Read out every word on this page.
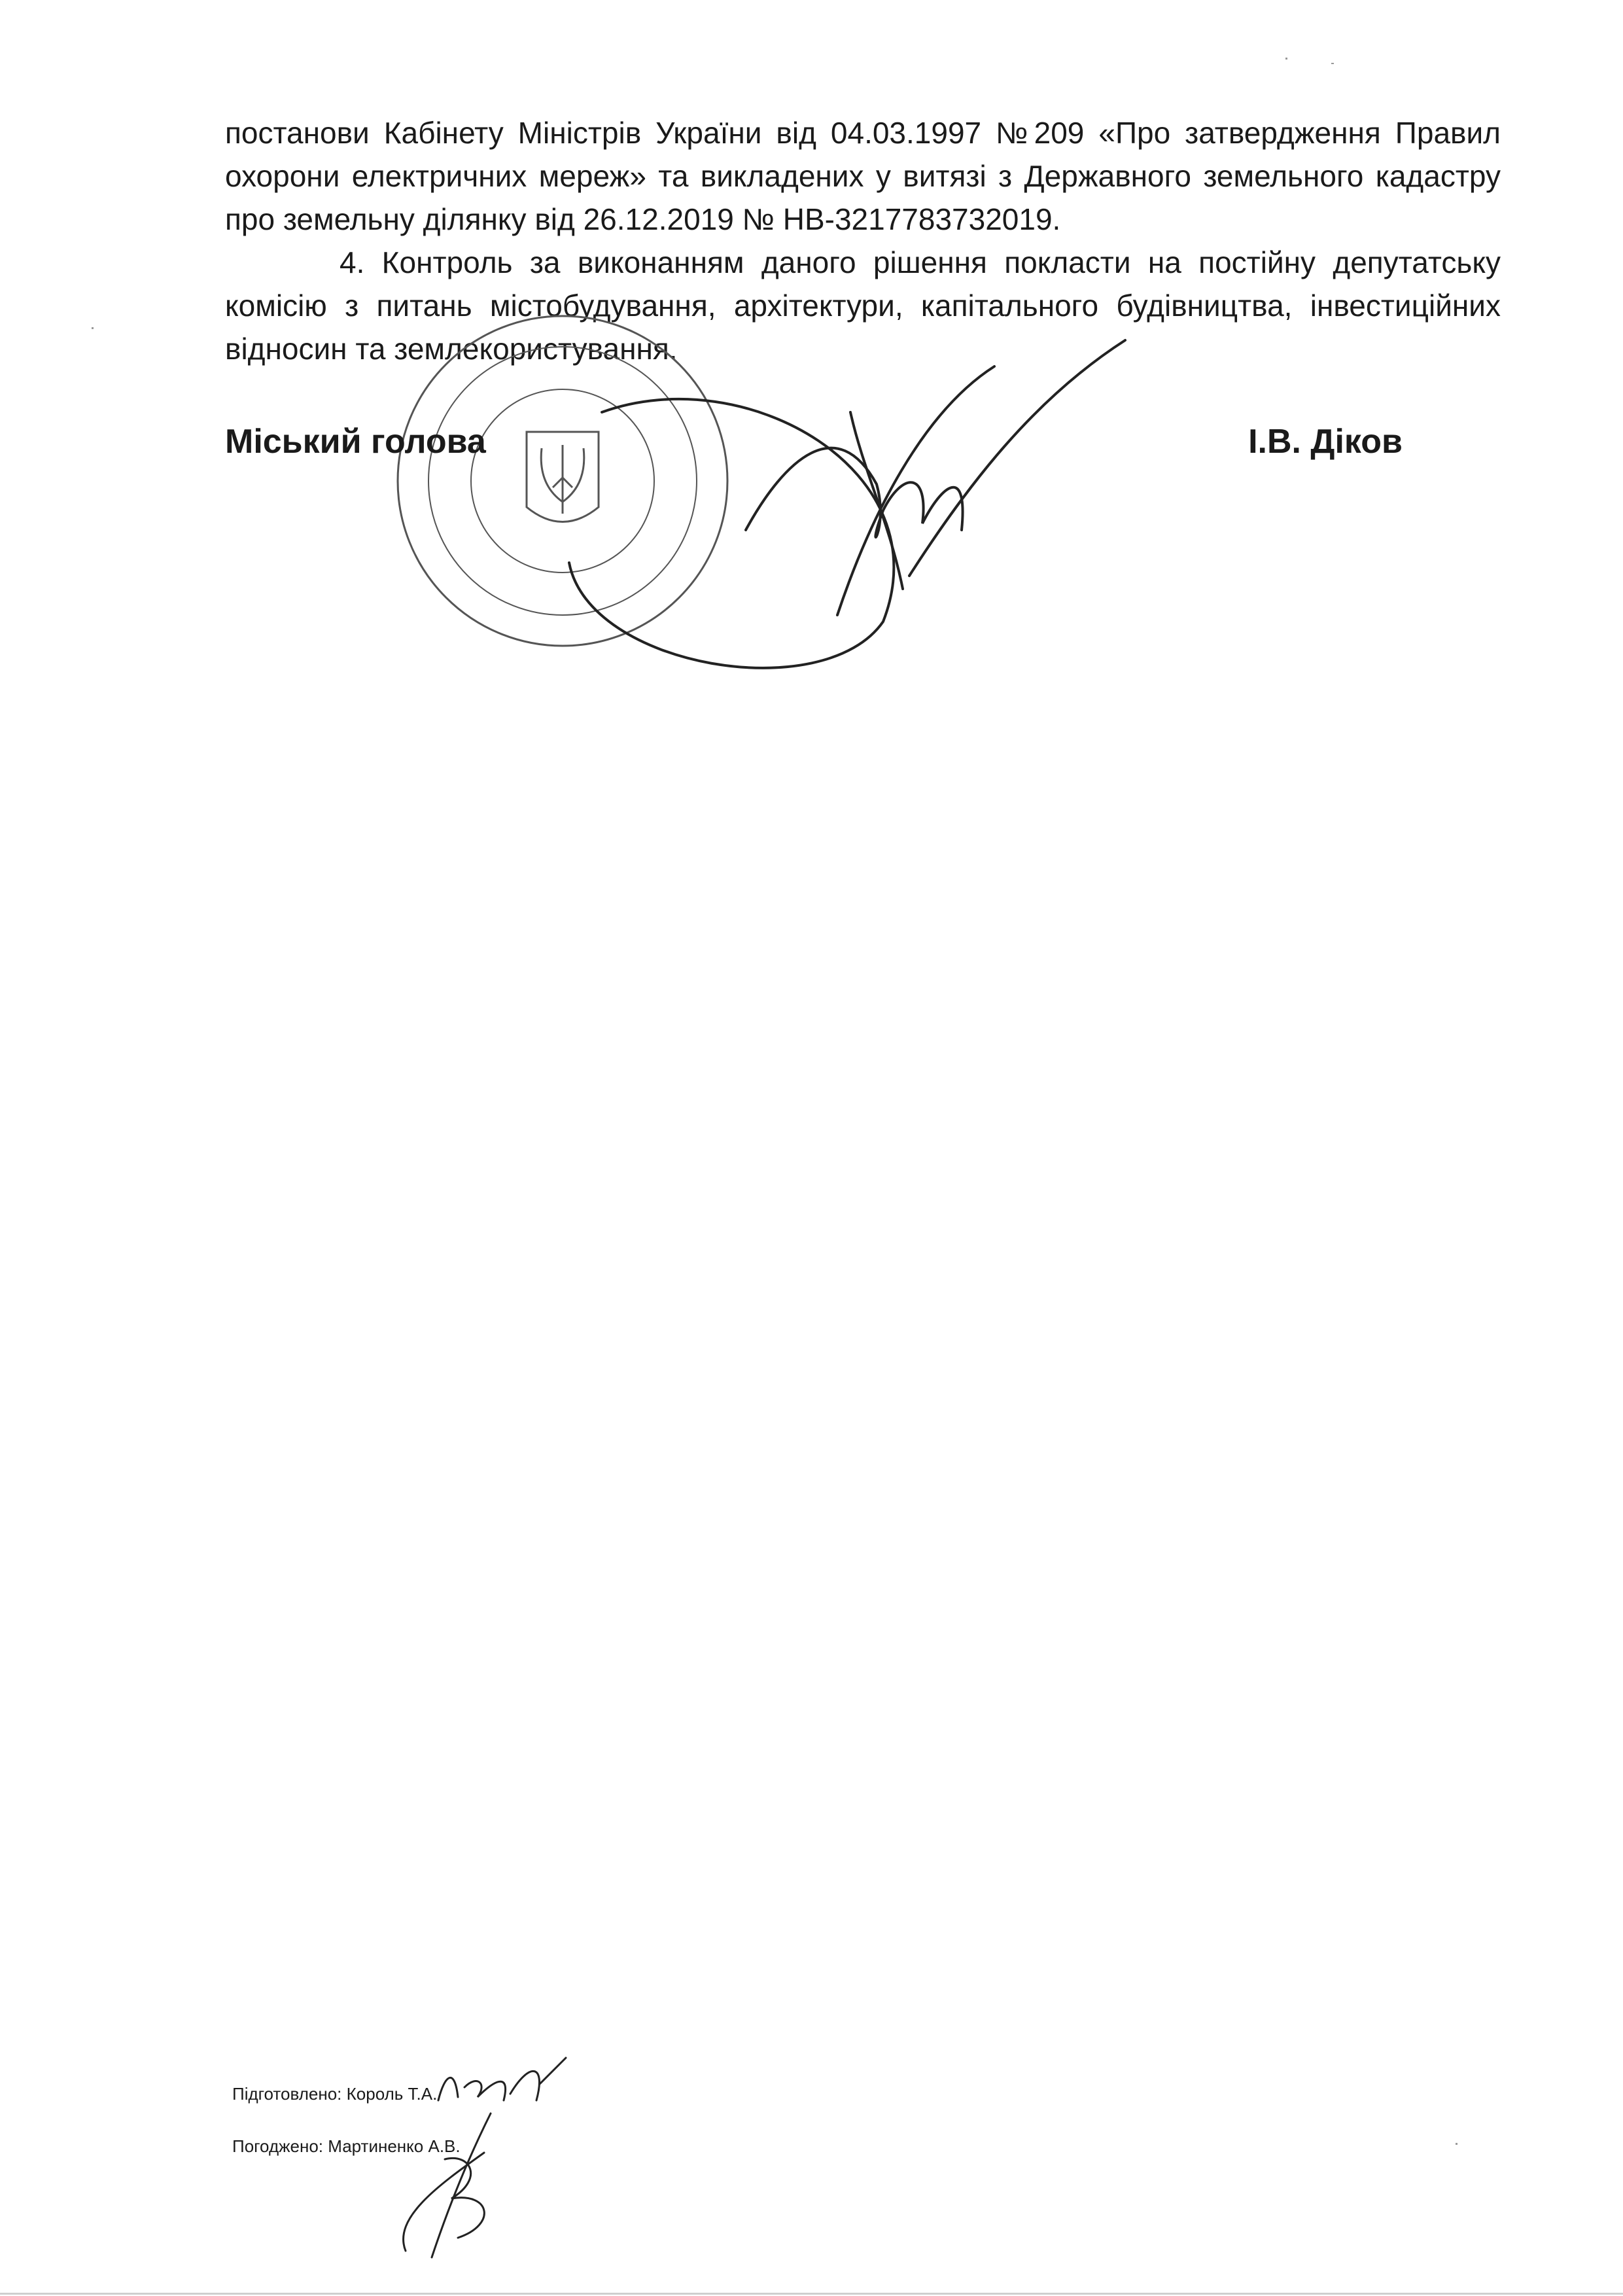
постанови Кабінету Міністрів України від 04.03.1997 №209 «Про затвердження Правил охорони електричних мереж» та викладених у витязі з Державного земельного кадастру про земельну ділянку від 26.12.2019 № НВ-3217783732019.

4. Контроль за виконанням даного рішення покласти на постійну депутатську комісію з питань містобудування, архітектури, капітального будівництва, інвестиційних відносин та землекористування.

Міський голова	І.В. Діков
Підготовлено: Король Т.А.
Погоджено: Мартиненко А.В.
